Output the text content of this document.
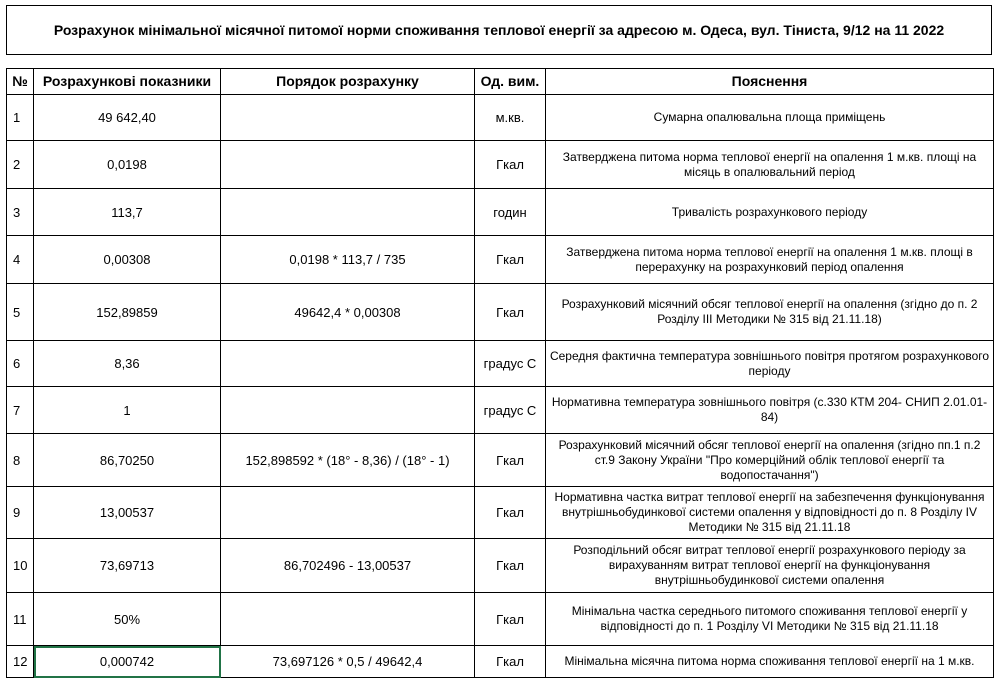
Розрахунок мінімальної місячної питомої норми споживання теплової енергії за адресою м. Одеса, вул. Тіниста, 9/12 на 11 2022
№	Розрахункові показники	Порядок розрахунку	Од. вим.	Пояснення
1	49 642,40		м.кв.	Сумарна опалювальна площа приміщень
2	0,0198		Гкал	Затверджена питома норма теплової енергії на опалення 1 м.кв. площі на місяць в опалювальний період
3	113,7		годин	Тривалість розрахункового періоду
4	0,00308	0,0198 * 113,7 / 735	Гкал	Затверджена питома норма теплової енергії на опалення 1 м.кв. площі в перерахунку на розрахунковий період опалення
5	152,89859	49642,4 * 0,00308	Гкал	Розрахунковий місячний обсяг теплової енергії на опалення (згідно до п. 2 Розділу ІІІ Методики № 315 від 21.11.18)
6	8,36		градус С	Середня фактична температура зовнішнього повітря протягом розрахункового періоду
7	1		градус С	Нормативна температура зовнішнього повітря (с.330 КТМ 204- СНИП 2.01.01-84)
8	86,70250	152,898592 * (18° - 8,36) / (18° - 1)	Гкал	Розрахунковий місячний обсяг теплової енергії на опалення (згідно пп.1 п.2 ст.9 Закону України "Про комерційний облік теплової енергії та водопостачання")
9	13,00537		Гкал	Нормативна частка витрат теплової енергії на забезпечення функціонування внутрішньобудинкової системи опалення у відповідності до п. 8 Розділу IV Методики № 315 від 21.11.18
10	73,69713	86,702496 - 13,00537	Гкал	Розподільний обсяг витрат теплової енергії розрахункового періоду за вирахуванням витрат теплової енергії на функціонування внутрішньобудинкової системи опалення
11	50%		Гкал	Мінімальна частка середнього питомого споживання теплової енергії у відповідності до п. 1 Розділу VI Методики № 315 від 21.11.18
12	0,000742	73,697126 * 0,5 / 49642,4	Гкал	Мінімальна місячна питома норма споживання теплової енергії на 1 м.кв.
